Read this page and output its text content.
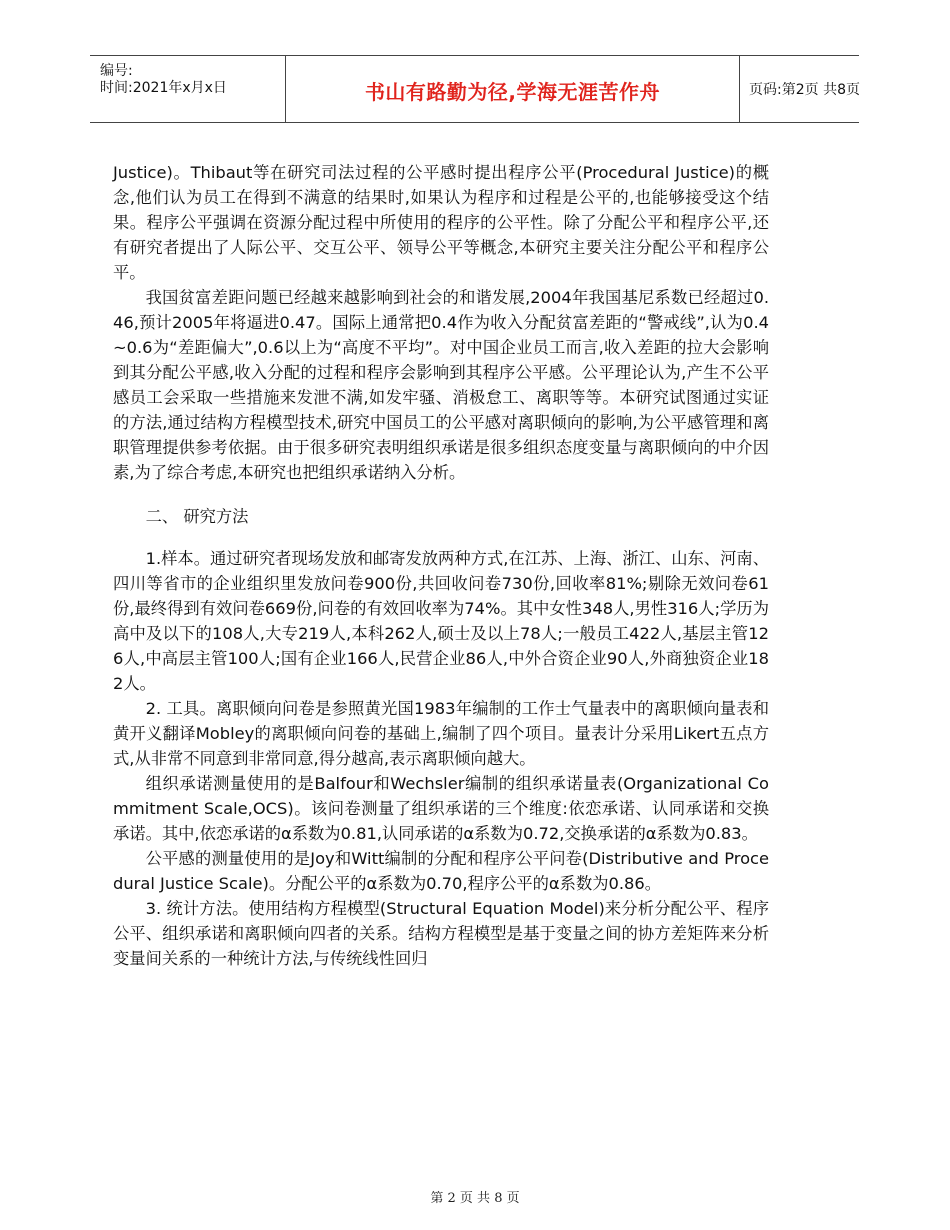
编号:
时间:2021年x月x日	书山有路勤为径,学海无涯苦作舟	页码:第2页 共8页

Justice)。Thibaut等在研究司法过程的公平感时提出程序公平(Procedural Justice)的概念,他们认为员工在得到不满意的结果时,如果认为程序和过程是公平的,也能够接受这个结果。程序公平强调在资源分配过程中所使用的程序的公平性。除了分配公平和程序公平,还有研究者提出了人际公平、交互公平、领导公平等概念,本研究主要关注分配公平和程序公平。

我国贫富差距问题已经越来越影响到社会的和谐发展,2004年我国基尼系数已经超过0.46,预计2005年将逼进0.47。国际上通常把0.4作为收入分配贫富差距的“警戒线”,认为0.4~0.6为“差距偏大”,0.6以上为“高度不平均”。对中国企业员工而言,收入差距的拉大会影响到其分配公平感,收入分配的过程和程序会影响到其程序公平感。公平理论认为,产生不公平感员工会采取一些措施来发泄不满,如发牢骚、消极怠工、离职等等。本研究试图通过实证的方法,通过结构方程模型技术,研究中国员工的公平感对离职倾向的影响,为公平感管理和离职管理提供参考依据。由于很多研究表明组织承诺是很多组织态度变量与离职倾向的中介因素,为了综合考虑,本研究也把组织承诺纳入分析。

二、 研究方法

1.样本。通过研究者现场发放和邮寄发放两种方式,在江苏、上海、浙江、山东、河南、四川等省市的企业组织里发放问卷900份,共回收问卷730份,回收率81%;剔除无效问卷61份,最终得到有效问卷669份,问卷的有效回收率为74%。其中女性348人,男性316人;学历为高中及以下的108人,大专219人,本科262人,硕士及以上78人;一般员工422人,基层主管126人,中高层主管100人;国有企业166人,民营企业86人,中外合资企业90人,外商独资企业182人。

2. 工具。离职倾向问卷是参照黄光国1983年编制的工作士气量表中的离职倾向量表和黄开义翻译Mobley的离职倾向问卷的基础上,编制了四个项目。量表计分采用Likert五点方式,从非常不同意到非常同意,得分越高,表示离职倾向越大。

组织承诺测量使用的是Balfour和Wechsler编制的组织承诺量表(Organizational Commitment Scale,OCS)。该问卷测量了组织承诺的三个维度:依恋承诺、认同承诺和交换承诺。其中,依恋承诺的α系数为0.81,认同承诺的α系数为0.72,交换承诺的α系数为0.83。

公平感的测量使用的是Joy和Witt编制的分配和程序公平问卷(Distributive and Procedural Justice Scale)。分配公平的α系数为0.70,程序公平的α系数为0.86。

3. 统计方法。使用结构方程模型(Structural Equation Model)来分析分配公平、程序公平、组织承诺和离职倾向四者的关系。结构方程模型是基于变量之间的协方差矩阵来分析变量间关系的一种统计方法,与传统线性回归

第 2 页 共 8 页
